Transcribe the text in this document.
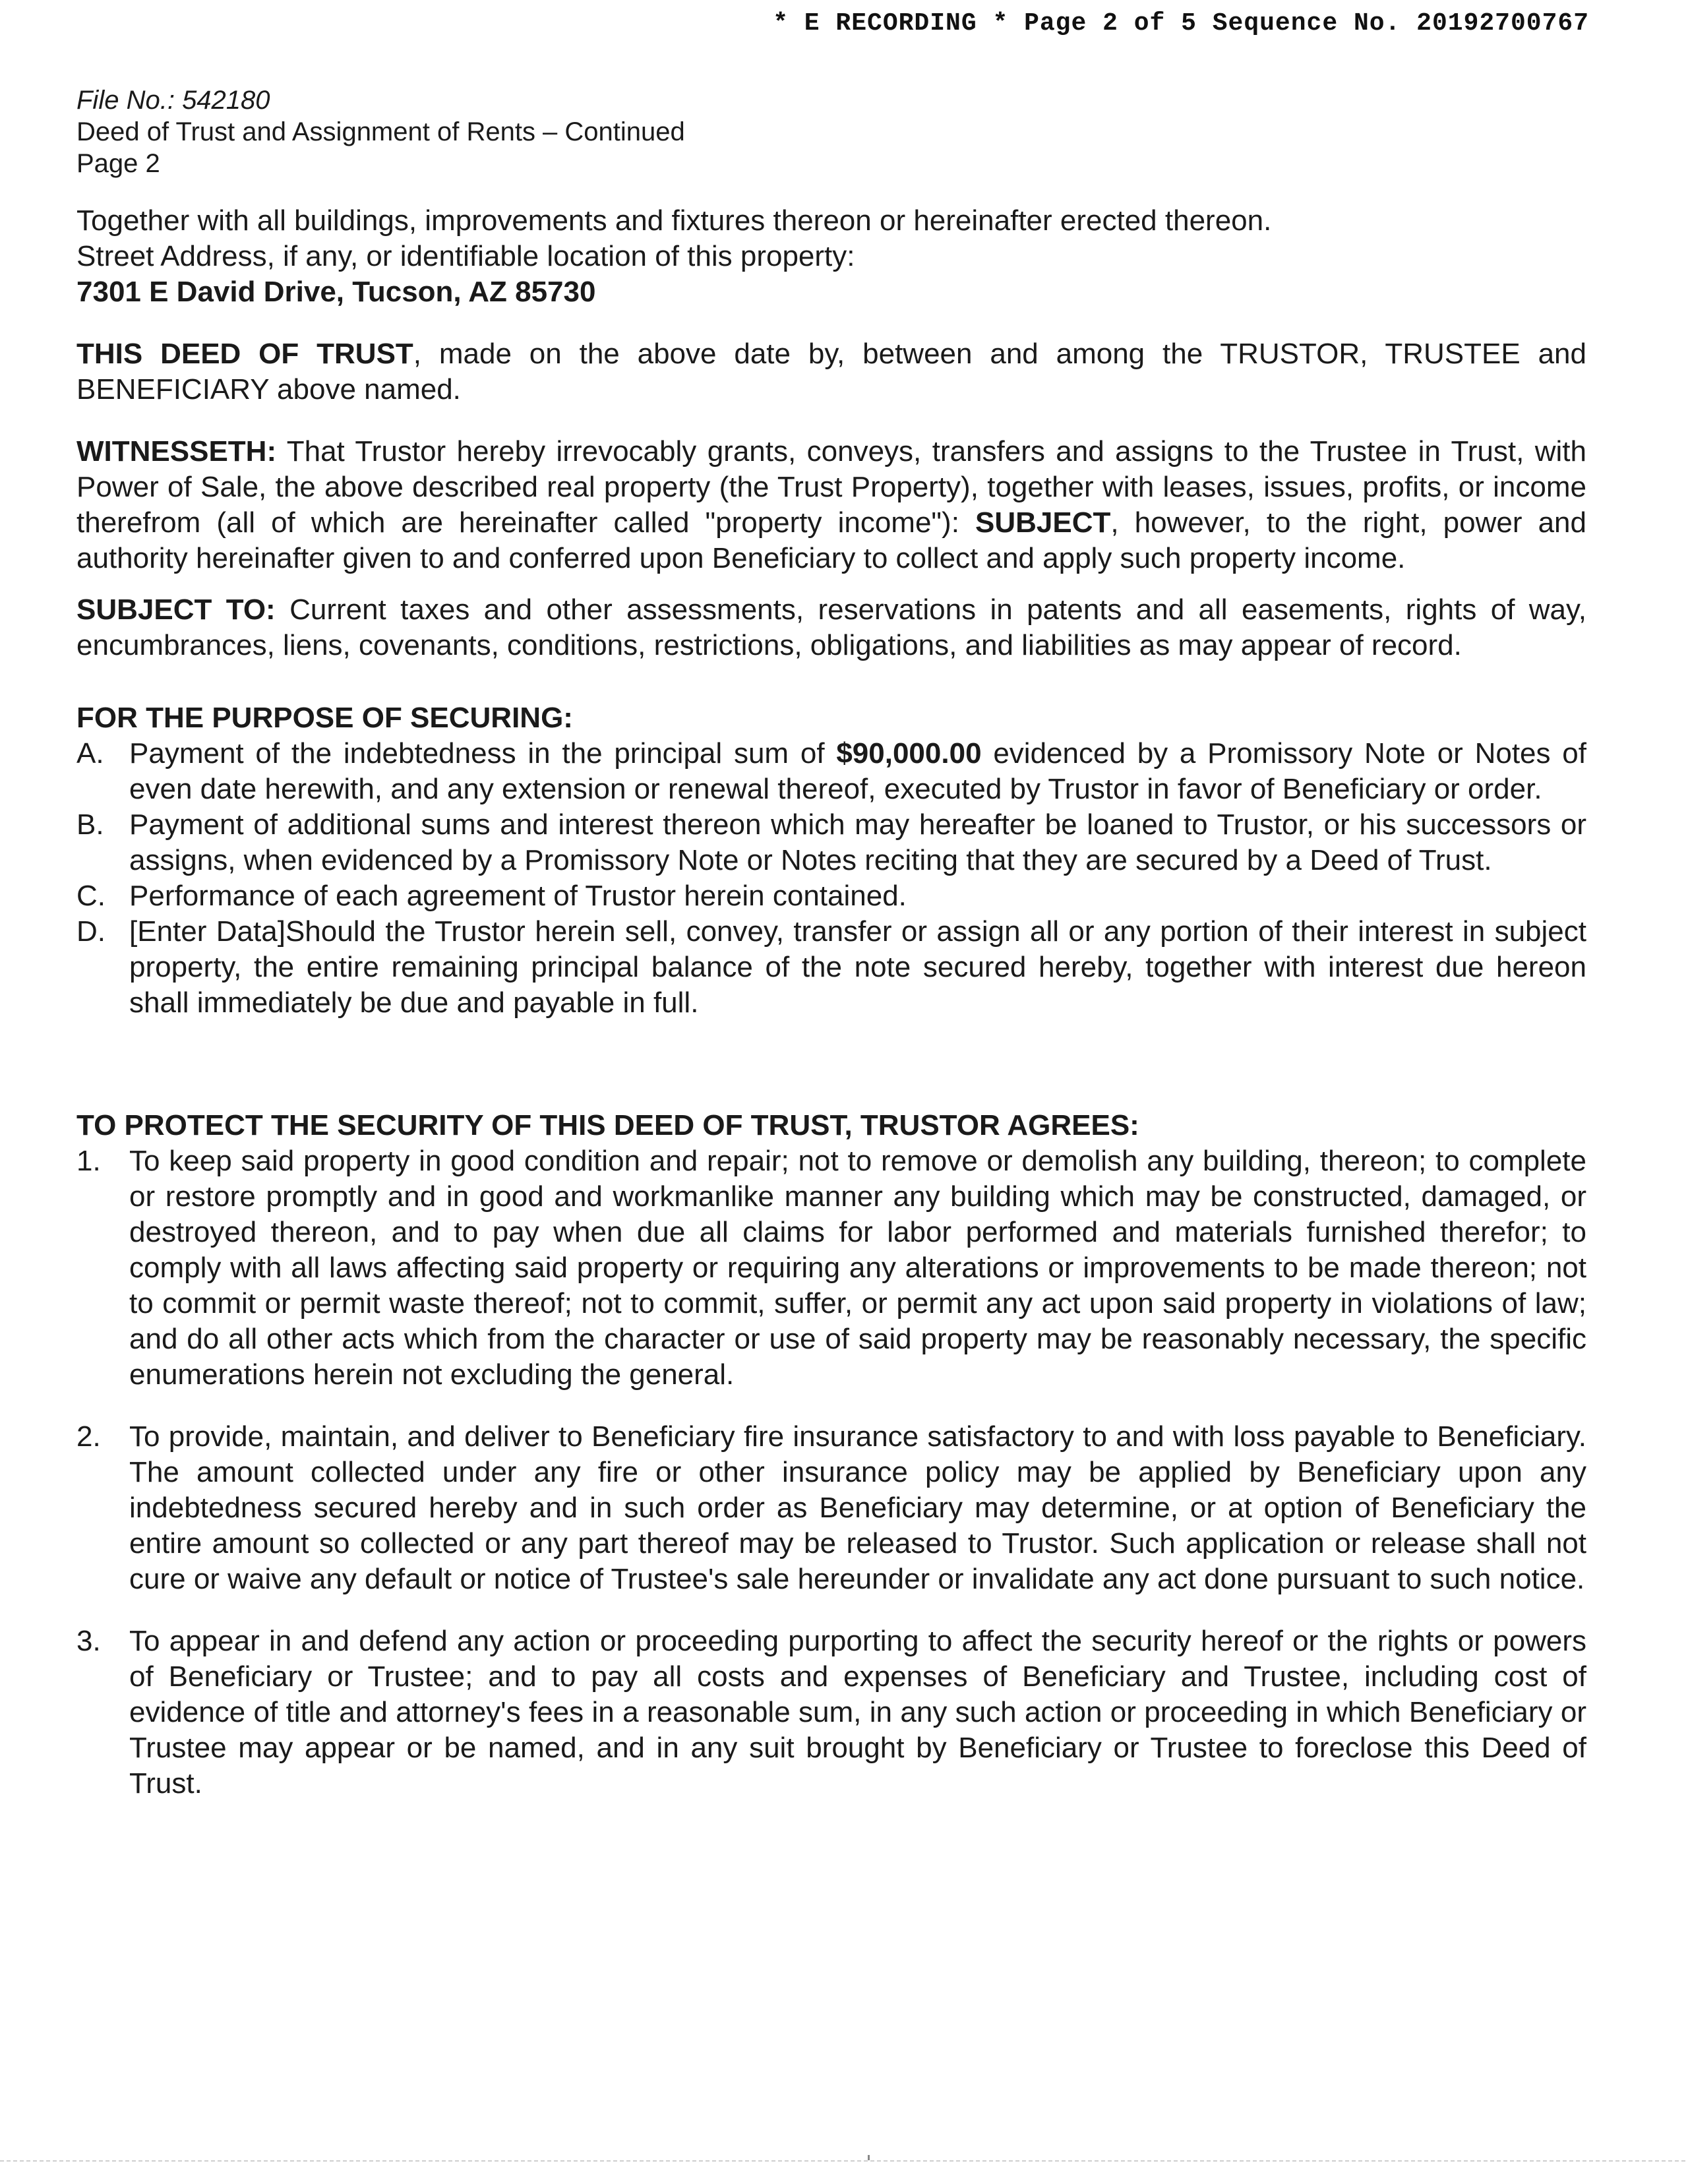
* E RECORDING * Page 2 of 5 Sequence No. 20192700767
File No.: 542180
Deed of Trust and Assignment of Rents – Continued
Page 2

Together with all buildings, improvements and fixtures thereon or hereinafter erected thereon.

Street Address, if any, or identifiable location of this property:

7301 E David Drive, Tucson, AZ 85730

THIS DEED OF TRUST, made on the above date by, between and among the TRUSTOR, TRUSTEE and BENEFICIARY above named.

WITNESSETH: That Trustor hereby irrevocably grants, conveys, transfers and assigns to the Trustee in Trust, with Power of Sale, the above described real property (the Trust Property), together with leases, issues, profits, or income therefrom (all of which are hereinafter called "property income"): SUBJECT, however, to the right, power and authority hereinafter given to and conferred upon Beneficiary to collect and apply such property income.

SUBJECT TO: Current taxes and other assessments, reservations in patents and all easements, rights of way, encumbrances, liens, covenants, conditions, restrictions, obligations, and liabilities as may appear of record.

FOR THE PURPOSE OF SECURING:

A. Payment of the indebtedness in the principal sum of $90,000.00 evidenced by a Promissory Note or Notes of even date herewith, and any extension or renewal thereof, executed by Trustor in favor of Beneficiary or order.
B. Payment of additional sums and interest thereon which may hereafter be loaned to Trustor, or his successors or assigns, when evidenced by a Promissory Note or Notes reciting that they are secured by a Deed of Trust.
C. Performance of each agreement of Trustor herein contained.
D. [Enter Data]Should the Trustor herein sell, convey, transfer or assign all or any portion of their interest in subject property, the entire remaining principal balance of the note secured hereby, together with interest due hereon shall immediately be due and payable in full.

TO PROTECT THE SECURITY OF THIS DEED OF TRUST, TRUSTOR AGREES:

1. To keep said property in good condition and repair; not to remove or demolish any building, thereon; to complete or restore promptly and in good and workmanlike manner any building which may be constructed, damaged, or destroyed thereon, and to pay when due all claims for labor performed and materials furnished therefor; to comply with all laws affecting said property or requiring any alterations or improvements to be made thereon; not to commit or permit waste thereof; not to commit, suffer, or permit any act upon said property in violations of law; and do all other acts which from the character or use of said property may be reasonably necessary, the specific enumerations herein not excluding the general.
2. To provide, maintain, and deliver to Beneficiary fire insurance satisfactory to and with loss payable to Beneficiary. The amount collected under any fire or other insurance policy may be applied by Beneficiary upon any indebtedness secured hereby and in such order as Beneficiary may determine, or at option of Beneficiary the entire amount so collected or any part thereof may be released to Trustor. Such application or release shall not cure or waive any default or notice of Trustee's sale hereunder or invalidate any act done pursuant to such notice.
3. To appear in and defend any action or proceeding purporting to affect the security hereof or the rights or powers of Beneficiary or Trustee; and to pay all costs and expenses of Beneficiary and Trustee, including cost of evidence of title and attorney's fees in a reasonable sum, in any such action or proceeding in which Beneficiary or Trustee may appear or be named, and in any suit brought by Beneficiary or Trustee to foreclose this Deed of Trust.
